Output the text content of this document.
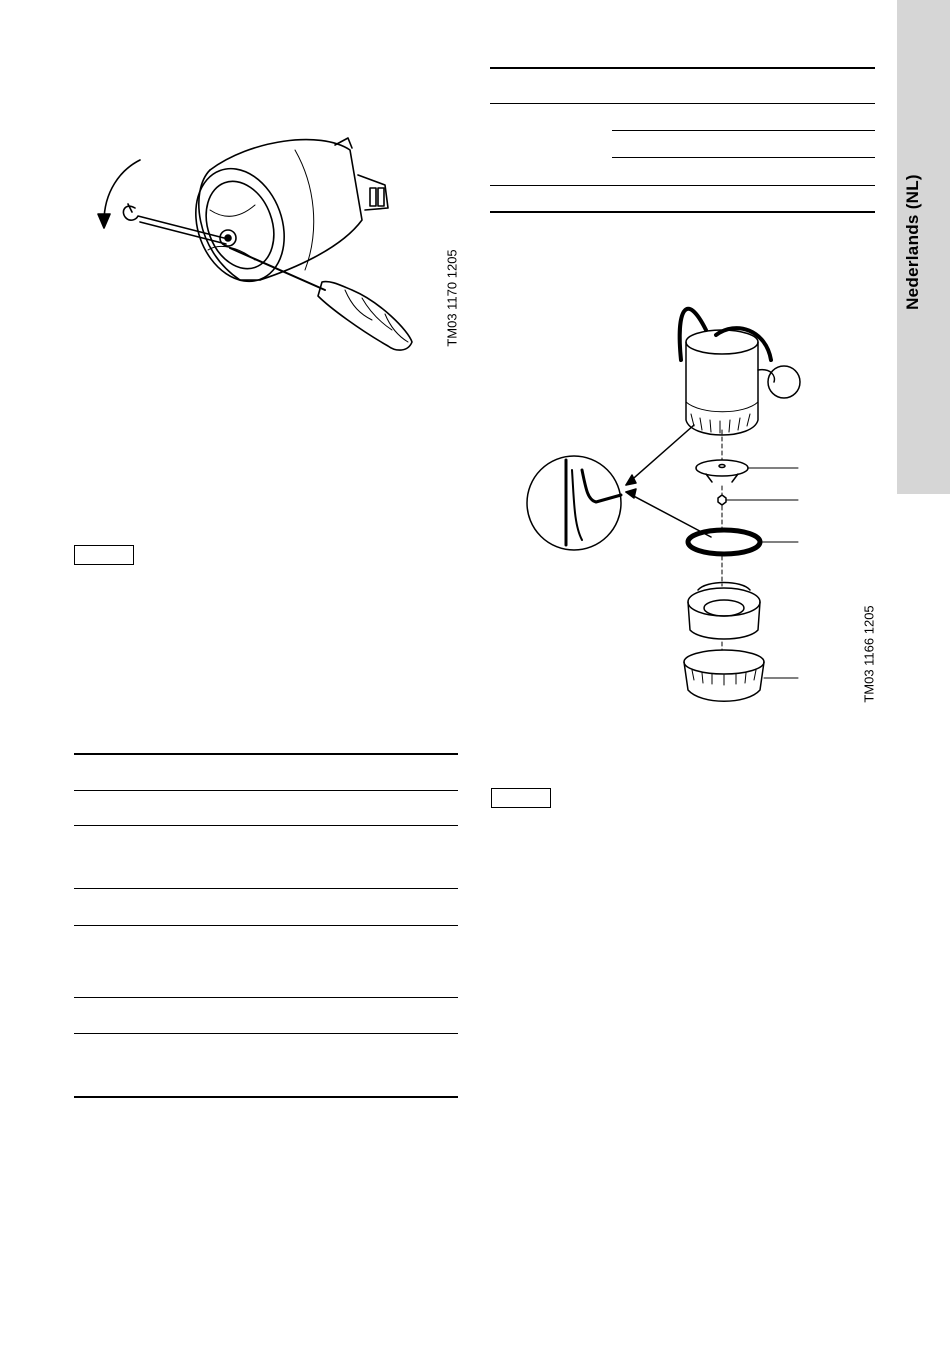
Nederlands (NL)
TM03 1170 1205
TM03 1166 1205
